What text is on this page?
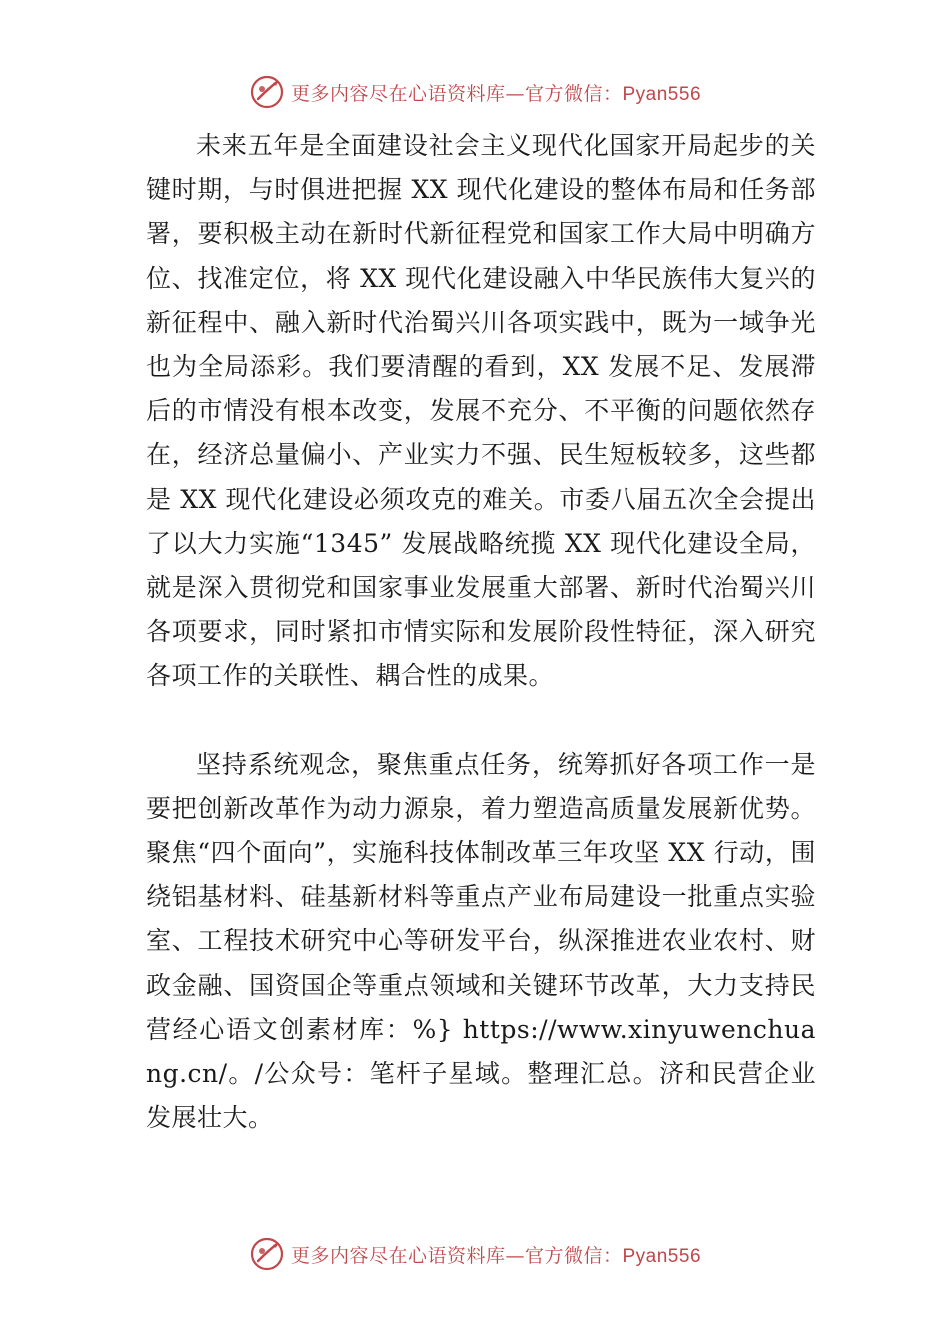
更多内容尽在心语资料库—官方微信：Pyan556

未来五年是全面建设社会主义现代化国家开局起步的关键时期，与时俱进把握 XX 现代化建设的整体布局和任务部署，要积极主动在新时代新征程党和国家工作大局中明确方位、找准定位，将 XX 现代化建设融入中华民族伟大复兴的新征程中、融入新时代治蜀兴川各项实践中，既为一域争光也为全局添彩。我们要清醒的看到，XX 发展不足、发展滞后的市情没有根本改变，发展不充分、不平衡的问题依然存在，经济总量偏小、产业实力不强、民生短板较多，这些都是 XX 现代化建设必须攻克的难关。市委八届五次全会提出了以大力实施“1345” 发展战略统揽 XX 现代化建设全局，就是深入贯彻党和国家事业发展重大部署、新时代治蜀兴川各项要求，同时紧扣市情实际和发展阶段性特征，深入研究各项工作的关联性、耦合性的成果。

坚持系统观念，聚焦重点任务，统筹抓好各项工作一是要把创新改革作为动力源泉，着力塑造高质量发展新优势。聚焦“四个面向”，实施科技体制改革三年攻坚 XX 行动，围绕铝基材料、硅基新材料等重点产业布局建设一批重点实验室、工程技术研究中心等研发平台，纵深推进农业农村、财政金融、国资国企等重点领域和关键环节改革，大力支持民营经心语文创素材库：%} https://www.xinyuwenchuang.cn/。/公众号：笔杆子星域。整理汇总。济和民营企业发展壮大。

更多内容尽在心语资料库—官方微信：Pyan556
